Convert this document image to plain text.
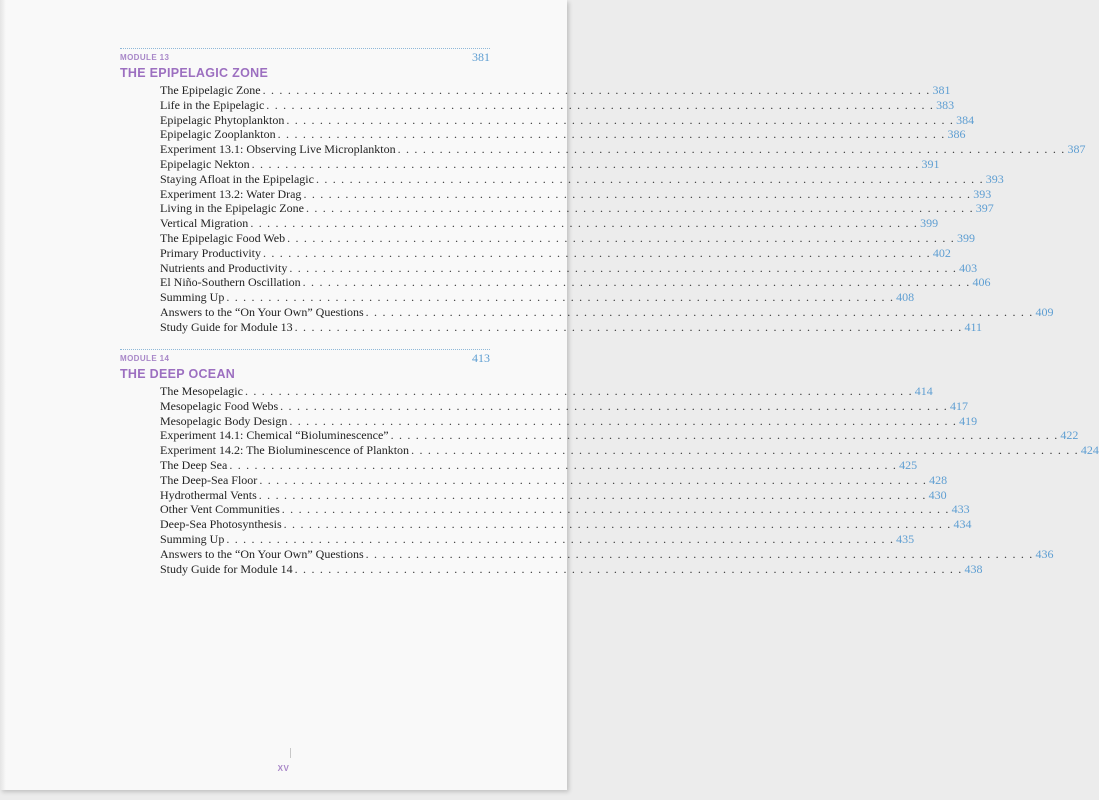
MODULE 13	381
THE EPIPELAGIC ZONE
The Epipelagic Zone . . . . . . . . . . . . . . . . . . . . . . . . . . . . . . . . . . . . . . . . . . . . . . . . . . . . . . . . . . . . . . . . . . . . . . . . . . . . . . . . 381
Life in the Epipelagic . . . . . . . . . . . . . . . . . . . . . . . . . . . . . . . . . . . . . . . . . . . . . . . . . . . . . . . . . . . . . . . . . . . . . . . . . . . . . . . . 383
Epipelagic Phytoplankton . . . . . . . . . . . . . . . . . . . . . . . . . . . . . . . . . . . . . . . . . . . . . . . . . . . . . . . . . . . . . . . . . . . . . . . . . . . . . . . . 384
Epipelagic Zooplankton . . . . . . . . . . . . . . . . . . . . . . . . . . . . . . . . . . . . . . . . . . . . . . . . . . . . . . . . . . . . . . . . . . . . . . . . . . . . . . . . 386
Experiment 13.1: Observing Live Microplankton . . . . . . . . . . . . . . . . . . . . . . . . . . . . . . . . . . . . . . . . . . . . . . . . . . . . . . . . . . . . . . . . . . . . . . . . . . . . . . . . 387
Epipelagic Nekton . . . . . . . . . . . . . . . . . . . . . . . . . . . . . . . . . . . . . . . . . . . . . . . . . . . . . . . . . . . . . . . . . . . . . . . . . . . . . . . . 391
Staying Afloat in the Epipelagic . . . . . . . . . . . . . . . . . . . . . . . . . . . . . . . . . . . . . . . . . . . . . . . . . . . . . . . . . . . . . . . . . . . . . . . . . . . . . . . . 393
Experiment 13.2: Water Drag . . . . . . . . . . . . . . . . . . . . . . . . . . . . . . . . . . . . . . . . . . . . . . . . . . . . . . . . . . . . . . . . . . . . . . . . . . . . . . . . 393
Living in the Epipelagic Zone . . . . . . . . . . . . . . . . . . . . . . . . . . . . . . . . . . . . . . . . . . . . . . . . . . . . . . . . . . . . . . . . . . . . . . . . . . . . . . . . 397
Vertical Migration . . . . . . . . . . . . . . . . . . . . . . . . . . . . . . . . . . . . . . . . . . . . . . . . . . . . . . . . . . . . . . . . . . . . . . . . . . . . . . . . 399
The Epipelagic Food Web . . . . . . . . . . . . . . . . . . . . . . . . . . . . . . . . . . . . . . . . . . . . . . . . . . . . . . . . . . . . . . . . . . . . . . . . . . . . . . . . 399
Primary Productivity . . . . . . . . . . . . . . . . . . . . . . . . . . . . . . . . . . . . . . . . . . . . . . . . . . . . . . . . . . . . . . . . . . . . . . . . . . . . . . . . 402
Nutrients and Productivity . . . . . . . . . . . . . . . . . . . . . . . . . . . . . . . . . . . . . . . . . . . . . . . . . . . . . . . . . . . . . . . . . . . . . . . . . . . . . . . . 403
El Niño-Southern Oscillation . . . . . . . . . . . . . . . . . . . . . . . . . . . . . . . . . . . . . . . . . . . . . . . . . . . . . . . . . . . . . . . . . . . . . . . . . . . . . . . . 406
Summing Up . . . . . . . . . . . . . . . . . . . . . . . . . . . . . . . . . . . . . . . . . . . . . . . . . . . . . . . . . . . . . . . . . . . . . . . . . . . . . . . . 408
Answers to the “On Your Own” Questions . . . . . . . . . . . . . . . . . . . . . . . . . . . . . . . . . . . . . . . . . . . . . . . . . . . . . . . . . . . . . . . . . . . . . . . . . . . . . . . . 409
Study Guide for Module 13 . . . . . . . . . . . . . . . . . . . . . . . . . . . . . . . . . . . . . . . . . . . . . . . . . . . . . . . . . . . . . . . . . . . . . . . . . . . . . . . . 411
MODULE 14	413
THE DEEP OCEAN
The Mesopelagic . . . . . . . . . . . . . . . . . . . . . . . . . . . . . . . . . . . . . . . . . . . . . . . . . . . . . . . . . . . . . . . . . . . . . . . . . . . . . . . . 414
Mesopelagic Food Webs . . . . . . . . . . . . . . . . . . . . . . . . . . . . . . . . . . . . . . . . . . . . . . . . . . . . . . . . . . . . . . . . . . . . . . . . . . . . . . . . 417
Mesopelagic Body Design . . . . . . . . . . . . . . . . . . . . . . . . . . . . . . . . . . . . . . . . . . . . . . . . . . . . . . . . . . . . . . . . . . . . . . . . . . . . . . . . 419
Experiment 14.1: Chemical “Bioluminescence” . . . . . . . . . . . . . . . . . . . . . . . . . . . . . . . . . . . . . . . . . . . . . . . . . . . . . . . . . . . . . . . . . . . . . . . . . . . . . . . . 422
Experiment 14.2: The Bioluminescence of Plankton . . . . . . . . . . . . . . . . . . . . . . . . . . . . . . . . . . . . . . . . . . . . . . . . . . . . . . . . . . . . . . . . . . . . . . . . . . . . . . . . 424
The Deep Sea . . . . . . . . . . . . . . . . . . . . . . . . . . . . . . . . . . . . . . . . . . . . . . . . . . . . . . . . . . . . . . . . . . . . . . . . . . . . . . . . 425
The Deep-Sea Floor . . . . . . . . . . . . . . . . . . . . . . . . . . . . . . . . . . . . . . . . . . . . . . . . . . . . . . . . . . . . . . . . . . . . . . . . . . . . . . . . 428
Hydrothermal Vents . . . . . . . . . . . . . . . . . . . . . . . . . . . . . . . . . . . . . . . . . . . . . . . . . . . . . . . . . . . . . . . . . . . . . . . . . . . . . . . . 430
Other Vent Communities . . . . . . . . . . . . . . . . . . . . . . . . . . . . . . . . . . . . . . . . . . . . . . . . . . . . . . . . . . . . . . . . . . . . . . . . . . . . . . . . 433
Deep-Sea Photosynthesis . . . . . . . . . . . . . . . . . . . . . . . . . . . . . . . . . . . . . . . . . . . . . . . . . . . . . . . . . . . . . . . . . . . . . . . . . . . . . . . . 434
Summing Up . . . . . . . . . . . . . . . . . . . . . . . . . . . . . . . . . . . . . . . . . . . . . . . . . . . . . . . . . . . . . . . . . . . . . . . . . . . . . . . . 435
Answers to the “On Your Own” Questions . . . . . . . . . . . . . . . . . . . . . . . . . . . . . . . . . . . . . . . . . . . . . . . . . . . . . . . . . . . . . . . . . . . . . . . . . . . . . . . . 436
Study Guide for Module 14 . . . . . . . . . . . . . . . . . . . . . . . . . . . . . . . . . . . . . . . . . . . . . . . . . . . . . . . . . . . . . . . . . . . . . . . . . . . . . . . . 438
XV
